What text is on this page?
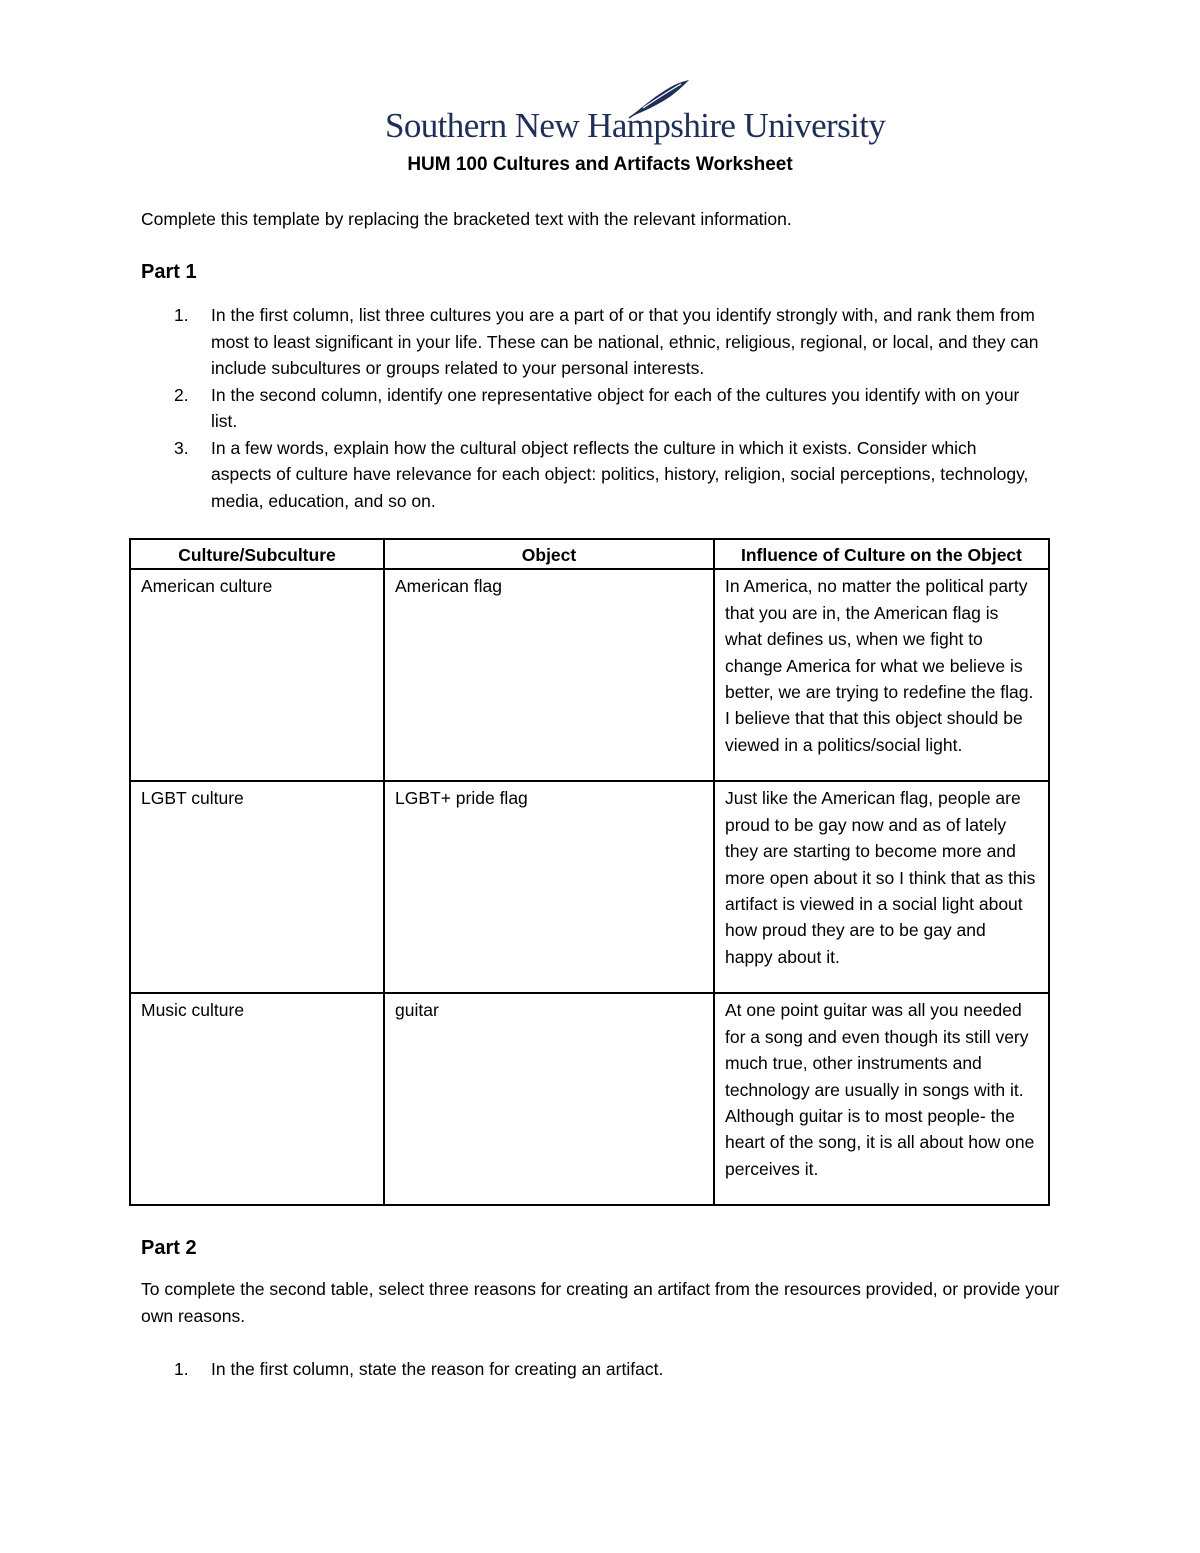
Southern New Hampshire University
HUM 100 Cultures and Artifacts Worksheet
Complete this template by replacing the bracketed text with the relevant information.
Part 1
1. In the first column, list three cultures you are a part of or that you identify strongly with, and rank them from most to least significant in your life. These can be national, ethnic, religious, regional, or local, and they can include subcultures or groups related to your personal interests.
2. In the second column, identify one representative object for each of the cultures you identify with on your list.
3. In a few words, explain how the cultural object reflects the culture in which it exists. Consider which aspects of culture have relevance for each object: politics, history, religion, social perceptions, technology, media, education, and so on.
Culture/Subculture	Object	Influence of Culture on the Object
American culture	American flag	In America, no matter the political party that you are in, the American flag is what defines us, when we fight to change America for what we believe is better, we are trying to redefine the flag. I believe that that this object should be viewed in a politics/social light.
LGBT culture	LGBT+ pride flag	Just like the American flag, people are proud to be gay now and as of lately they are starting to become more and more open about it so I think that as this artifact is viewed in a social light about how proud they are to be gay and happy about it.
Music culture	guitar	At one point guitar was all you needed for a song and even though its still very much true, other instruments and technology are usually in songs with it. Although guitar is to most people- the heart of the song, it is all about how one perceives it.
Part 2
To complete the second table, select three reasons for creating an artifact from the resources provided, or provide your own reasons.
1. In the first column, state the reason for creating an artifact.
